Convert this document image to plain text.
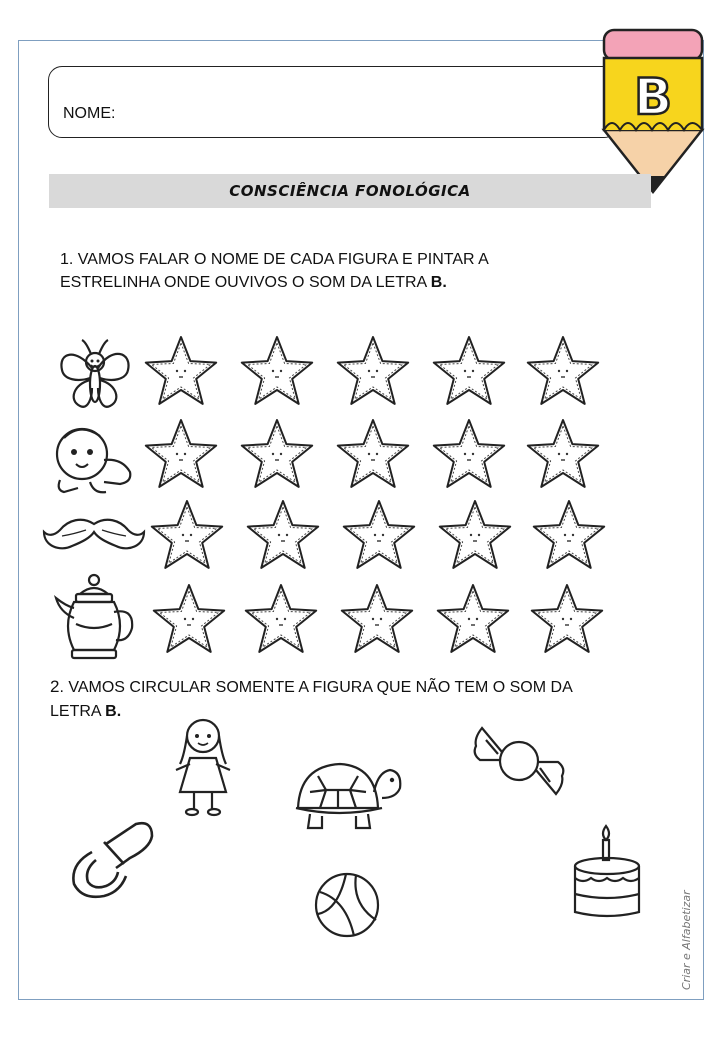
NOME:	B
CONSCIÊNCIA FONOLÓGICA
1. VAMOS FALAR O NOME DE CADA FIGURA E PINTAR A
ESTRELINHA ONDE OUVIVOS O SOM DA LETRA B.
2. VAMOS CIRCULAR SOMENTE A FIGURA QUE NÃO TEM O SOM DA
LETRA B.
Criar e Alfabetizar
